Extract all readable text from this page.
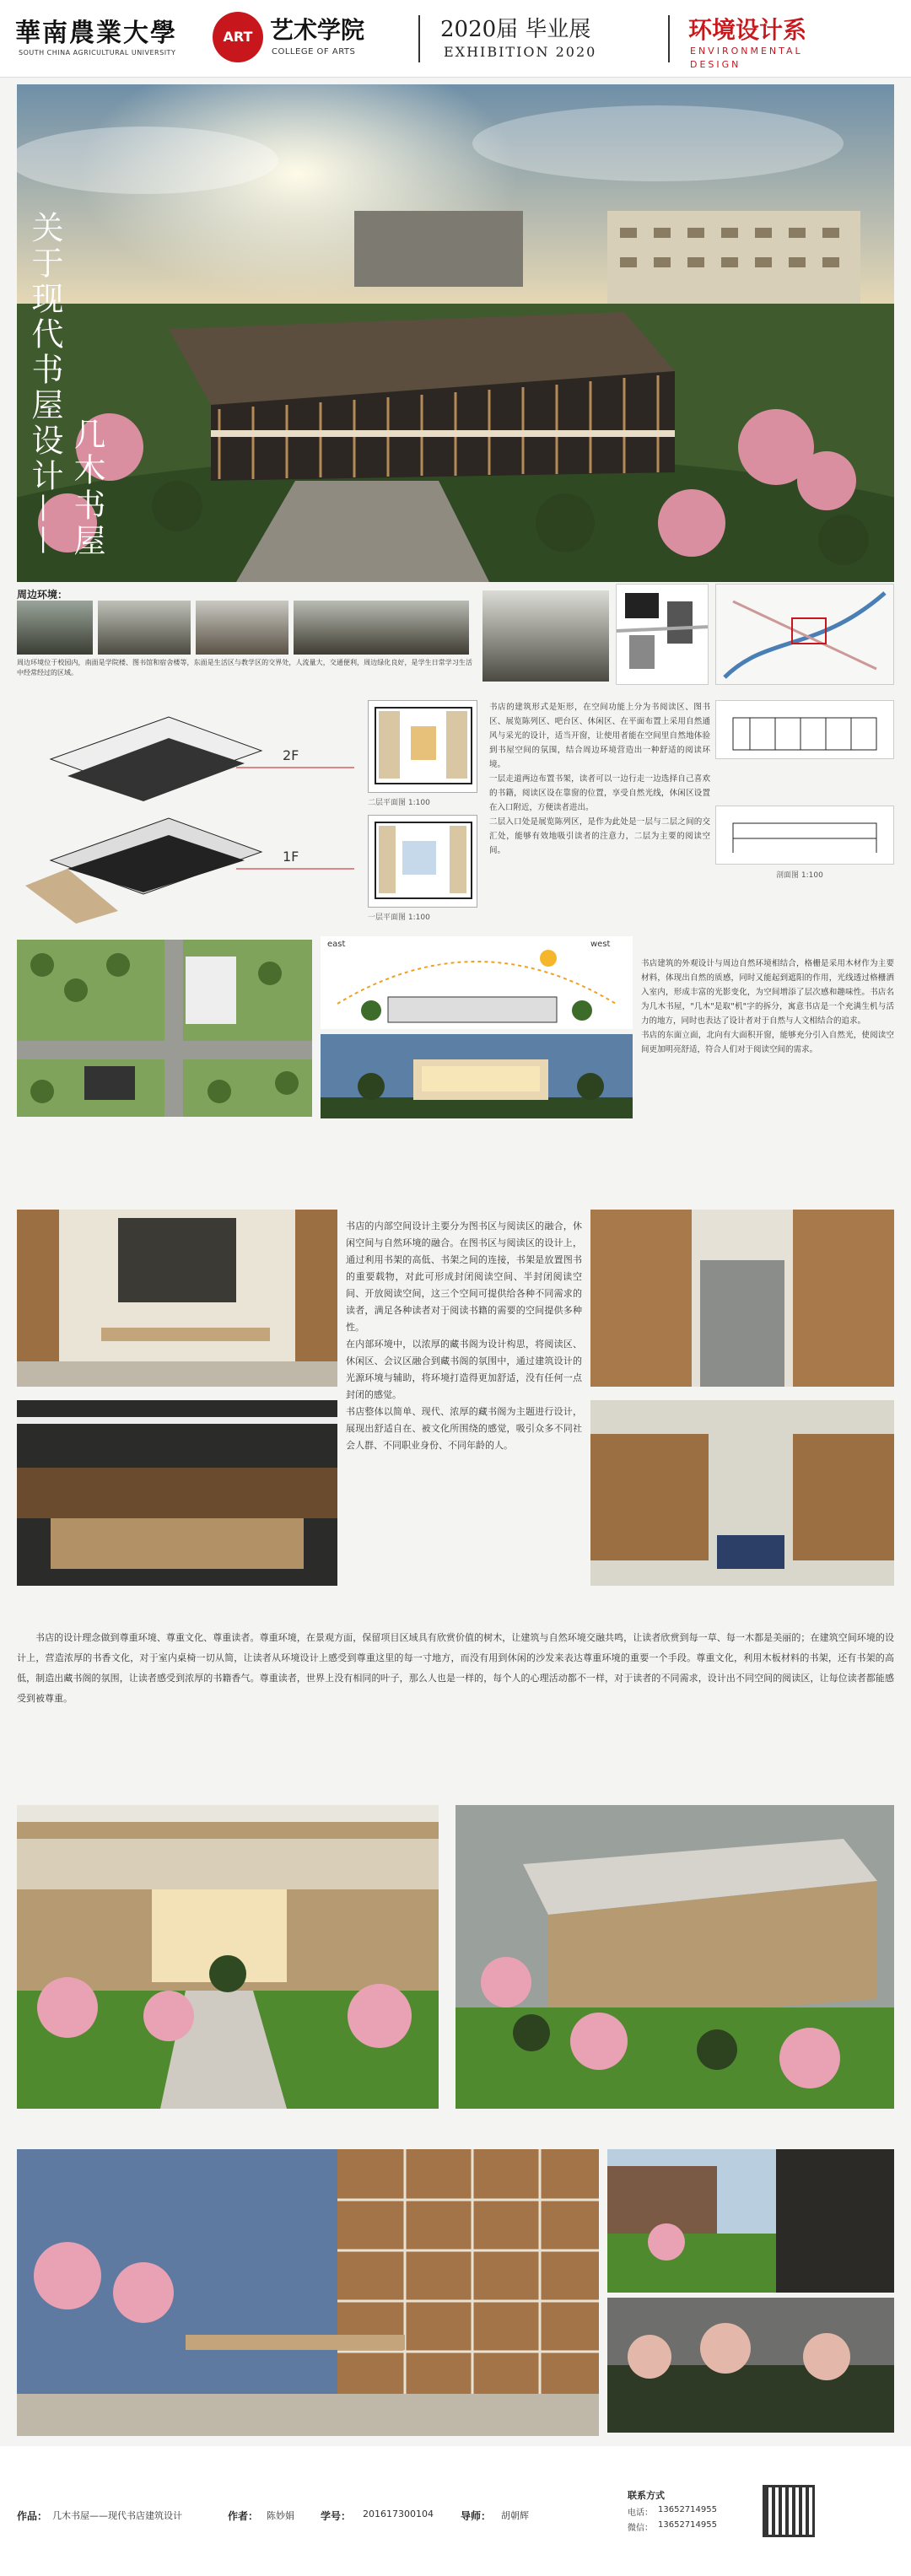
華南農業大學
SOUTH CHINA AGRICULTURAL UNIVERSITY
ART 艺术学院
COLLEGE OF ARTS
2020届 毕业展
EXHIBITION 2020
环境设计系
ENVIRONMENTAL
DESIGN
关于现代书屋设计
—— 几木书屋
周边环境：
周边环境位于校园内，南面是学院楼、图书馆和宿舍楼等，东面是生活区与教学区的交界处，人流量大，交通便利，周边绿化良好，是学生日常学习生活中经常经过的区域。
2F
1F
二层平面图 1:100
一层平面图 1:100
剖面图 1:100
书店的建筑形式是矩形，在空间功能上分为书阅读区、图书区、展览陈列区、吧台区、休闲区、在平面布置上采用自然通风与采光的设计，适当开窗，让使用者能在空间里自然地体验到书屋空间的氛围，结合周边环境营造出一种舒适的阅读环境。
一层走道两边布置书架，读者可以一边行走一边选择自己喜欢的书籍，阅读区设在靠窗的位置，享受自然光线，休闲区设置在入口附近，方便读者进出。
二层入口处是展览陈列区，是作为此处是一层与二层之间的交汇处，能够有效地吸引读者的注意力，二层为主要的阅读空间。
east	west
书店建筑的外观设计与周边自然环境相结合，格栅是采用木材作为主要材料，体现出自然的质感，同时又能起到遮阳的作用，光线透过格栅洒入室内，形成丰富的光影变化，为空间增添了层次感和趣味性。书店名为几木书屋，"几木"是取"机"字的拆分，寓意书店是一个充满生机与活力的地方，同时也表达了设计者对于自然与人文相结合的追求。
书店的东面立面，北向有大面积开窗，能够充分引入自然光，使阅读空间更加明亮舒适，符合人们对于阅读空间的需求。
书店的内部空间设计主要分为图书区与阅读区的融合，休闲空间与自然环境的融合。在图书区与阅读区的设计上，通过利用书架的高低、书架之间的连接，书架是放置图书的重要载物，对此可形成封闭阅读空间、半封闭阅读空间、开放阅读空间，这三个空间可提供给各种不同需求的读者，满足各种读者对于阅读书籍的需要的空间提供多种性。
在内部环境中，以浓厚的藏书阁为设计构思，将阅读区、休闲区、会议区融合到藏书阁的氛围中，通过建筑设计的光源环境与辅助，将环境打造得更加舒适，没有任何一点封闭的感觉。
书店整体以简单、现代、浓厚的藏书阁为主题进行设计，展现出舒适自在、被文化所围绕的感觉，吸引众多不同社会人群、不同职业身份、不同年龄的人。
书店的设计理念做到尊重环境、尊重文化、尊重读者。尊重环境，在景观方面，保留项目区域具有欣赏价值的树木，让建筑与自然环境交融共鸣，让读者欣赏到每一草、每一木都是美丽的；在建筑空间环境的设计上，营造浓厚的书香文化，对于室内桌椅一切从简，让读者从环境设计上感受到尊重这里的每一寸地方，而没有用到休闲的沙发来表达尊重环境的重要一个手段。尊重文化，利用木板材料的书架，还有书架的高低，制造出藏书阁的氛围，让读者感受到浓厚的书籍香气。尊重读者，世界上没有相同的叶子，那么人也是一样的，每个人的心理活动都不一样，对于读者的不同需求，设计出不同空间的阅读区，让每位读者都能感受到被尊重。
作品： 几木书屋——现代书店建筑设计	作者： 陈妙娟	学号： 201617300104	导师： 胡朝辉
联系方式
电话： 13652714955
微信： 13652714955
